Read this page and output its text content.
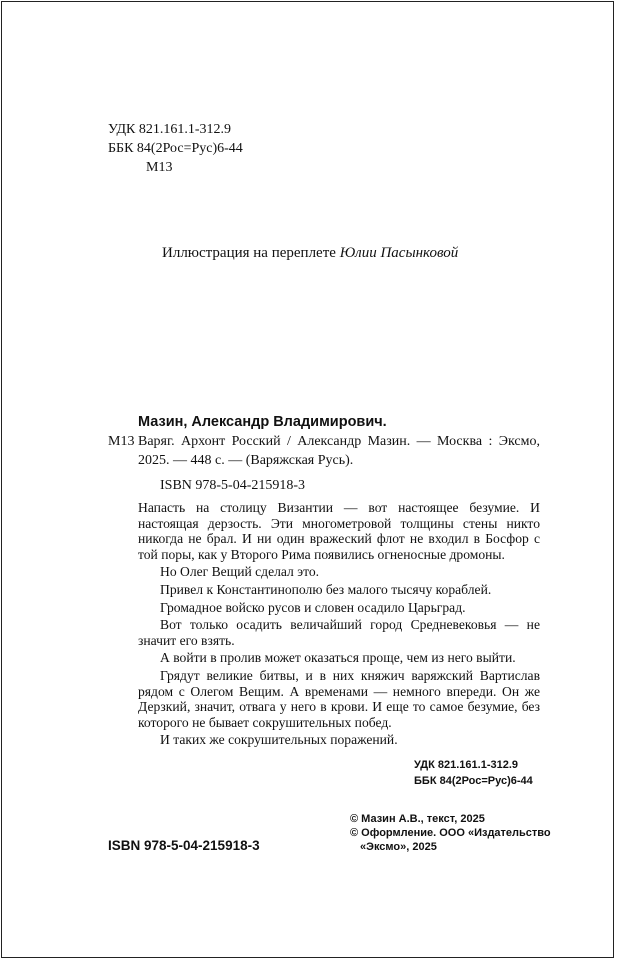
УДК 821.161.1-312.9
ББК 84(2Рос=Рус)6-44
М13
Иллюстрация на переплете Юлии Пасынковой
Мазин, Александр Владимирович.
М13 Варяг. Архонт Росский / Александр Мазин. — Москва : Эксмо, 2025. — 448 с. — (Варяжская Русь).
ISBN 978-5-04-215918-3

Напасть на столицу Византии — вот настоящее безумие. И настоящая дерзость. Эти многометровой толщины стены никто никогда не брал. И ни один вражеский флот не входил в Босфор с той поры, как у Второго Рима появились огненосные дромоны.

Но Олег Вещий сделал это.

Привел к Константинополю без малого тысячу кораблей.

Громадное войско русов и словен осадило Царьград.

Вот только осадить величайший город Средневековья — не значит его взять.

А войти в пролив может оказаться проще, чем из него выйти.

Грядут великие битвы, и в них княжич варяжский Вартислав рядом с Олегом Вещим. А временами — немного впереди. Он же Дерзкий, значит, отвага у него в крови. И еще то самое безумие, без которого не бывает сокрушительных побед.

И таких же сокрушительных поражений.

УДК 821.161.1-312.9
ББК 84(2Рос=Рус)6-44
© Мазин А.В., текст, 2025
© Оформление. ООО «Издательство
«Эксмо», 2025
ISBN 978-5-04-215918-3
